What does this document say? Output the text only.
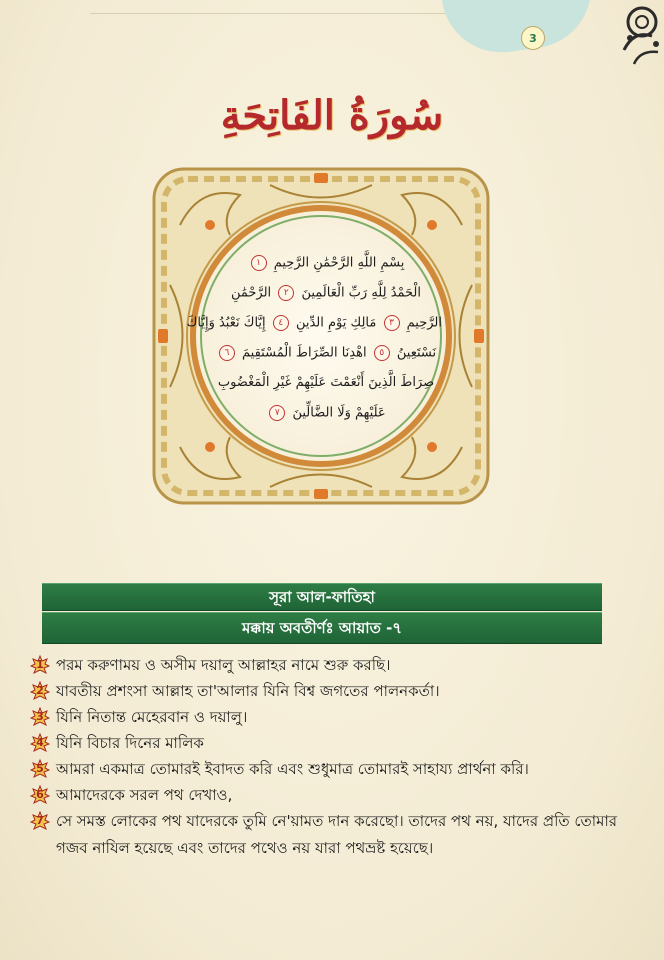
3
سُورَةُ الفَاتِحَةِ
بِسْمِ اللَّهِ الرَّحْمَٰنِ الرَّحِيمِ ١
الْحَمْدُ لِلَّهِ رَبِّ الْعَالَمِينَ ٢ الرَّحْمَٰنِ
الرَّحِيمِ ٣ مَالِكِ يَوْمِ الدِّينِ ٤ إِيَّاكَ نَعْبُدُ وَإِيَّاكَ
نَسْتَعِينُ ٥ اهْدِنَا الصِّرَاطَ الْمُسْتَقِيمَ ٦
صِرَاطَ الَّذِينَ أَنْعَمْتَ عَلَيْهِمْ غَيْرِ الْمَغْضُوبِ
عَلَيْهِمْ وَلَا الضَّالِّينَ ٧
সূরা আল-ফাতিহা
মক্কায় অবতীর্ণঃ আয়াত -৭
1 পরম করুণাময় ও অসীম দয়ালু আল্লাহর নামে শুরু করছি।
2 যাবতীয় প্রশংসা আল্লাহ তা'আলার যিনি বিশ্ব জগতের পালনকর্তা।
3 যিনি নিতান্ত মেহেরবান ও দয়ালু।
4 যিনি বিচার দিনের মালিক
5 আমরা একমাত্র তোমারই ইবাদত করি এবং শুধুমাত্র তোমারই সাহায্য প্রার্থনা করি।
6 আমাদেরকে সরল পথ দেখাও,
7 সে সমস্ত লোকের পথ যাদেরকে তুমি নে'য়ামত দান করেছো। তাদের পথ নয়, যাদের প্রতি তোমার গজব নাযিল হয়েছে এবং তাদের পথেও নয় যারা পথভ্রষ্ট হয়েছে।
